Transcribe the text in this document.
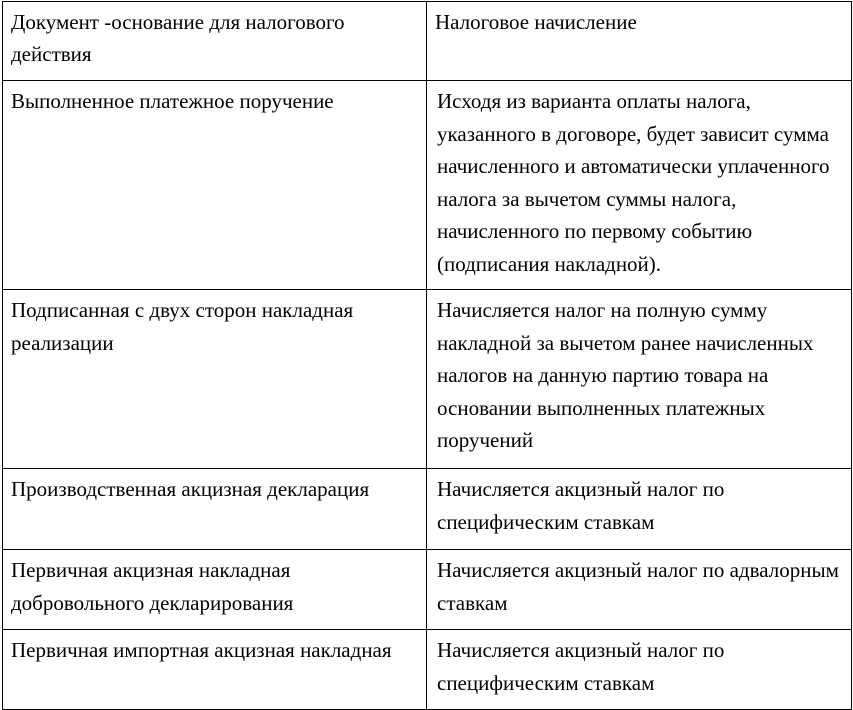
Документ -основание для налогового действия	Налоговое начисление
Выполненное платежное поручение	Исходя из варианта оплаты налога, указанного в договоре, будет зависит сумма начисленного и автоматически уплаченного налога за вычетом суммы налога, начисленного по первому событию (подписания накладной).
Подписанная с двух сторон накладная реализации	Начисляется налог на полную сумму накладной за вычетом ранее начисленных налогов на данную партию товара на основании выполненных платежных поручений
Производственная акцизная декларация	Начисляется акцизный налог по специфическим ставкам
Первичная акцизная накладная добровольного декларирования	Начисляется акцизный налог по адвалорным ставкам
Первичная импортная акцизная накладная	Начисляется акцизный налог по специфическим ставкам
